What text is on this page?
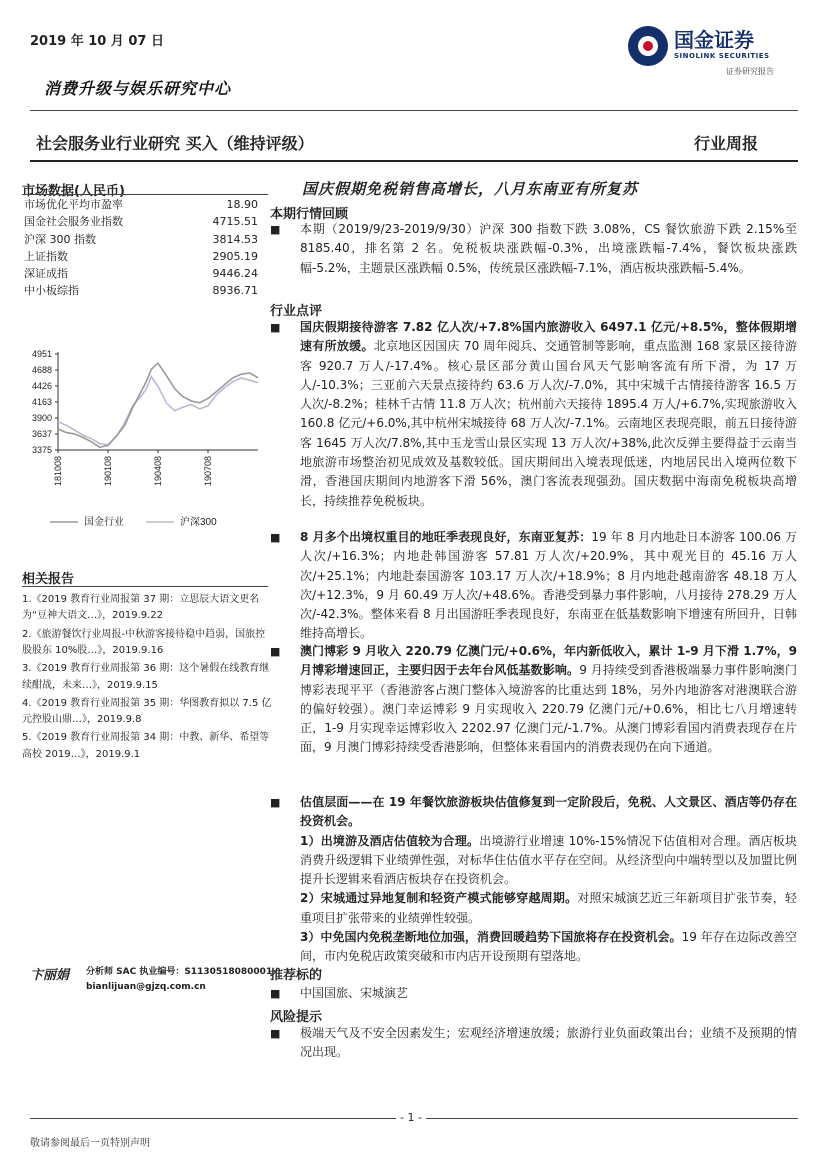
2019 年 10 月 07 日	国金证券
SINOLINK SECURITIES
证券研究报告
消费升级与娱乐研究中心
社会服务业行业研究 买入（维持评级）	行业周报
国庆假期免税销售高增长，八月东南亚有所复苏
市场数据(人民币)
市场优化平均市盈率	18.90
国金社会服务业指数	4715.51
沪深 300 指数	3814.53
上证指数	2905.19
深证成指	9446.24
中小板综指	8936.71
4951
4688
4426
4163
3900
3637
3375
181008	190108	190408	190708
国金行业	沪深300
相关报告
1.《2019 教育行业周报第 37 期：立思辰大语文更名为“豆神大语文…》，2019.9.22
2.《旅游餐饮行业周报-中秋游客接待稳中趋弱，国旅控股股东 10%股…》，2019.9.16
3.《2019 教育行业周报第 36 期：这个暑假在线教育继续酣战，未来…》，2019.9.15
4.《2019 教育行业周报第 35 期：华图教育拟以 7.5 亿元控股山鼎…》，2019.9.8
5.《2019 教育行业周报第 34 期：中教、新华、希望等高校 2019…》，2019.9.1
卞丽娟 分析师 SAC 执业编号：S1130518080001
bianlijuan@gjzq.com.cn
本期行情回顾
■ 本期（2019/9/23-2019/9/30）沪深 300 指数下跌 3.08%，CS 餐饮旅游下跌 2.15%至 8185.40，排名第 2 名。免税板块涨跌幅-0.3%，出境涨跌幅-7.4%，餐饮板块涨跌幅-5.2%，主题景区涨跌幅 0.5%，传统景区涨跌幅-7.1%，酒店板块涨跌幅-5.4%。
行业点评
■ 国庆假期接待游客 7.82 亿人次/+7.8%国内旅游收入 6497.1 亿元/+8.5%，整体假期增速有所放缓。北京地区因国庆 70 周年阅兵、交通管制等影响，重点监测 168 家景区接待游客 920.7 万人/-17.4%。核心景区部分黄山国台风天气影响客流有所下滑，为 17 万人/-10.3%；三亚前六天景点接待约 63.6 万人次/-7.0%，其中宋城千古情接待游客 16.5 万人次/-8.2%；桂林千古情 11.8 万人次；杭州前六天接待 1895.4 万人/+6.7%,实现旅游收入 160.8 亿元/+6.0%,其中杭州宋城接待 68 万人次/-7.1%。云南地区表现亮眼，前五日接待游客 1645 万人次/7.8%,其中玉龙雪山景区实现 13 万人次/+38%,此次反弹主要得益于云南当地旅游市场整治初见成效及基数较低。国庆期间出入境表现低迷，内地居民出入境两位数下滑，香港国庆期间内地游客下滑 56%，澳门客流表现强劲。国庆数据中海南免税板块高增长，持续推荐免税板块。
■ 8 月多个出境权重目的地旺季表现良好，东南亚复苏：19 年 8 月内地赴日本游客 100.06 万人次/+16.3%；内地赴韩国游客 57.81 万人次/+20.9%，其中观光目的 45.16 万人次/+25.1%；内地赴泰国游客 103.17 万人次/+18.9%；8 月内地赴越南游客 48.18 万人次/+12.3%，9 月 60.49 万人次/+48.6%。香港受到暴力事件影响，八月接待 278.29 万人次/-42.3%。整体来看 8 月出国游旺季表现良好，东南亚在低基数影响下增速有所回升，日韩维持高增长。
■ 澳门博彩 9 月收入 220.79 亿澳门元/+0.6%，年内新低收入，累计 1-9 月下滑 1.7%，9 月博彩增速回正，主要归因于去年台风低基数影响。9 月持续受到香港极端暴力事件影响澳门博彩表现平平（香港游客占澳门整体入境游客的比重达到 18%，另外内地游客对港澳联合游的偏好较强）。澳门幸运博彩 9 月实现收入 220.79 亿澳门元/+0.6%，相比七八月增速转正，1-9 月实现幸运博彩收入 2202.97 亿澳门元/-1.7%。从澳门博彩看国内消费表现存在片面，9 月澳门博彩持续受香港影响，但整体来看国内的消费表现仍在向下通道。
■ 估值层面——在 19 年餐饮旅游板块估值修复到一定阶段后，免税、人文景区、酒店等仍存在投资机会。
1）出境游及酒店估值较为合理。出境游行业增速 10%-15%情况下估值相对合理。酒店板块消费升级逻辑下业绩弹性强，对标华住估值水平存在空间。从经济型向中端转型以及加盟比例提升长逻辑来看酒店板块存在投资机会。
2）宋城通过异地复制和轻资产模式能够穿越周期。对照宋城演艺近三年新项目扩张节奏，轻重项目扩张带来的业绩弹性较强。
3）中免国内免税垄断地位加强，消费回暖趋势下国旅将存在投资机会。19 年存在边际改善空间，市内免税店政策突破和市内店开设预期有望落地。
推荐标的
■ 中国国旅、宋城演艺
风险提示
■ 极端天气及不安全因素发生；宏观经济增速放缓；旅游行业负面政策出台；业绩不及预期的情况出现。
- 1 -
敬请参阅最后一页特别声明
